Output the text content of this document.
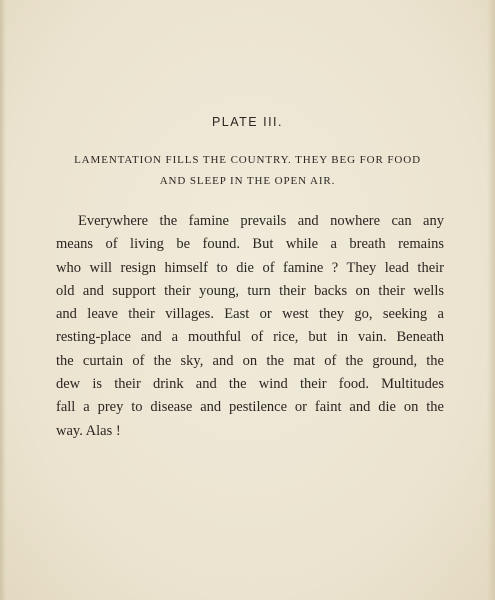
PLATE III.
LAMENTATION FILLS THE COUNTRY. THEY BEG FOR FOOD
AND SLEEP IN THE OPEN AIR.
Everywhere the famine prevails and nowhere can any
means of living be found. But while a breath remains
who will resign himself to die of famine ? They lead their
old and support their young, turn their backs on their wells
and leave their villages. East or west they go, seeking a
resting-place and a mouthful of rice, but in vain. Beneath
the curtain of the sky, and on the mat of the ground, the
dew is their drink and the wind their food. Multitudes
fall a prey to disease and pestilence or faint and die on the
way. Alas !
